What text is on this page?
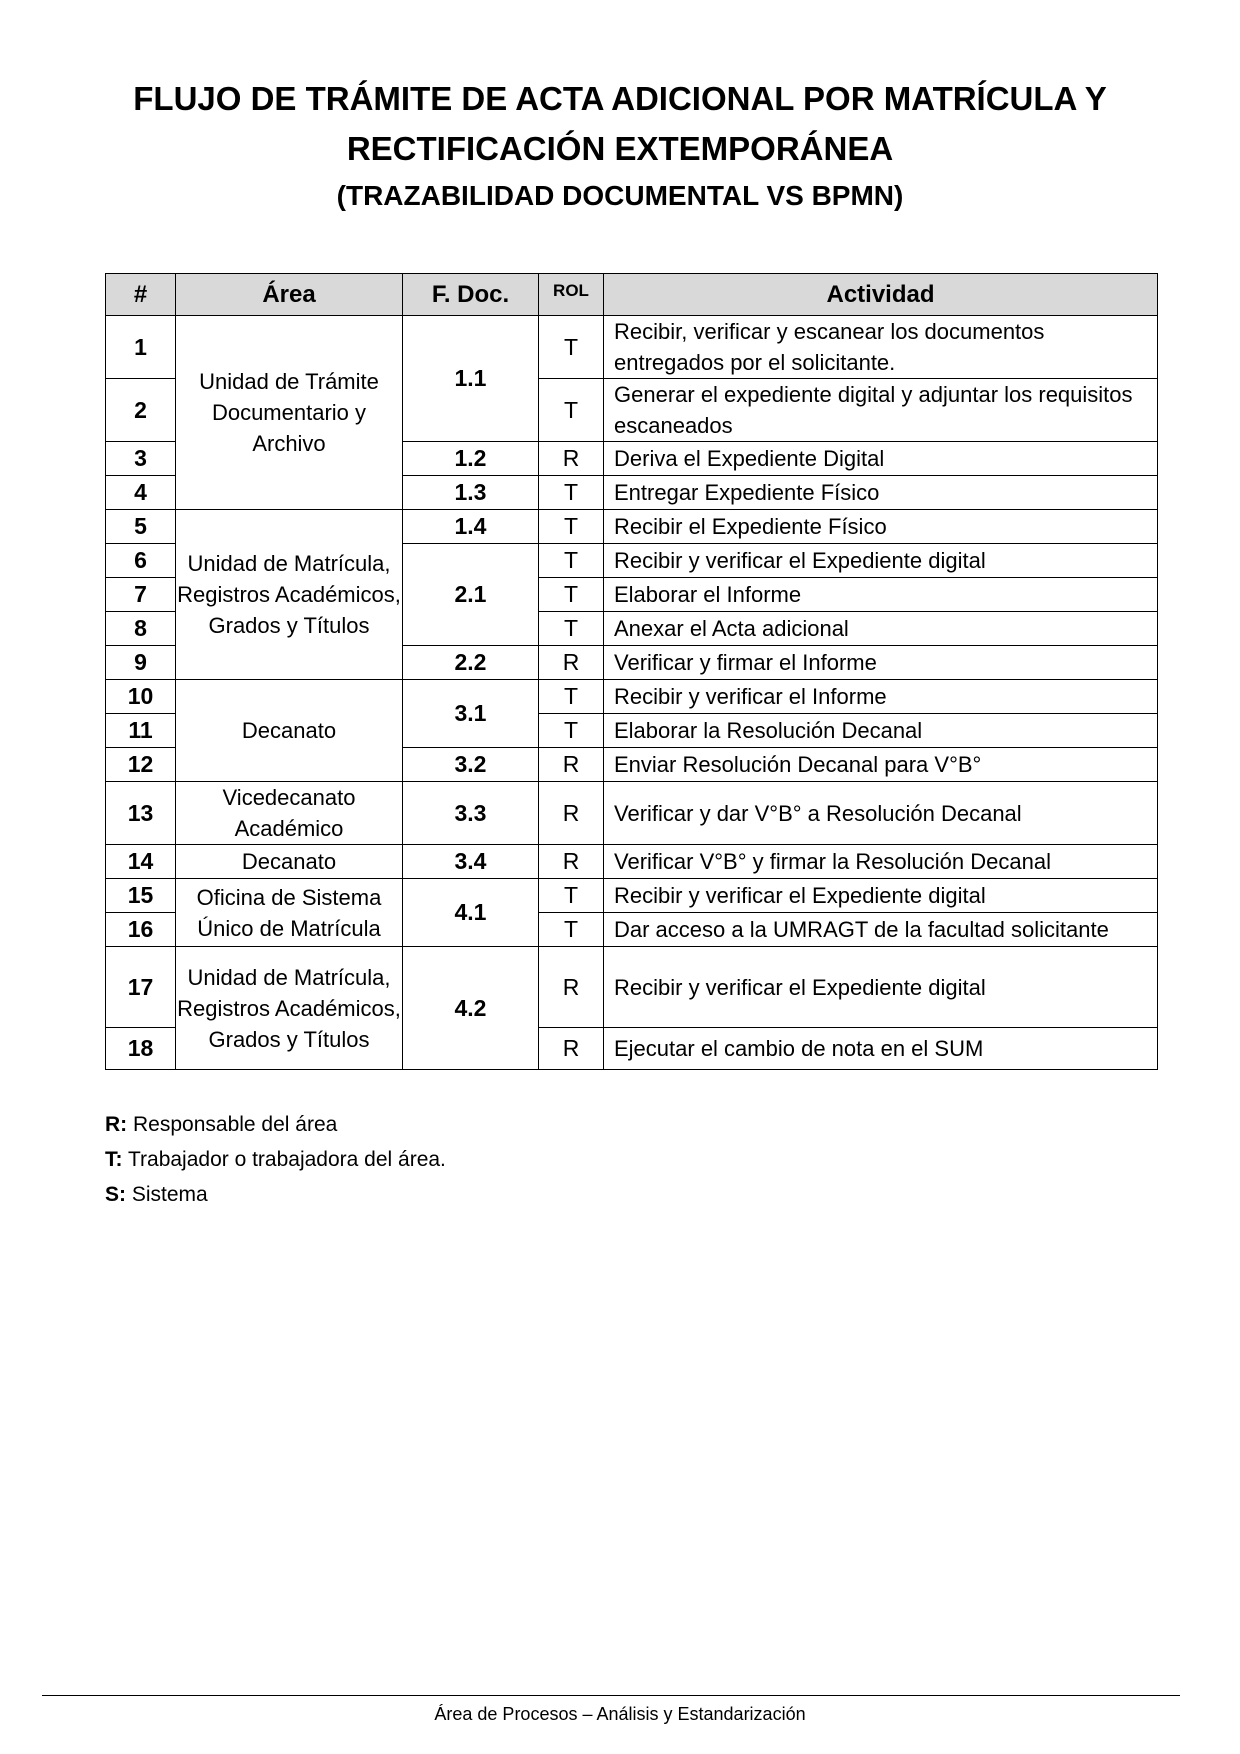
FLUJO DE TRÁMITE DE ACTA ADICIONAL POR MATRÍCULA Y
RECTIFICACIÓN EXTEMPORÁNEA
(TRAZABILIDAD DOCUMENTAL VS BPMN)
#	Área	F. Doc.	ROL	Actividad
1	Unidad de Trámite Documentario y Archivo	1.1	T	Recibir, verificar y escanear los documentos entregados por el solicitante.
2			T	Generar el expediente digital y adjuntar los requisitos escaneados
3		1.2	R	Deriva el Expediente Digital
4		1.3	T	Entregar Expediente Físico
5	Unidad de Matrícula, Registros Académicos, Grados y Títulos	1.4	T	Recibir el Expediente Físico
6		2.1	T	Recibir y verificar el Expediente digital
7			T	Elaborar el Informe
8			T	Anexar el Acta adicional
9		2.2	R	Verificar y firmar el Informe
10	Decanato	3.1	T	Recibir y verificar el Informe
11			T	Elaborar la Resolución Decanal
12		3.2	R	Enviar Resolución Decanal para V°B°
13	Vicedecanato Académico	3.3	R	Verificar y dar V°B° a Resolución Decanal
14	Decanato	3.4	R	Verificar V°B° y firmar la Resolución Decanal
15	Oficina de Sistema Único de Matrícula	4.1	T	Recibir y verificar el Expediente digital
16			T	Dar acceso a la UMRAGT de la facultad solicitante
17	Unidad de Matrícula, Registros Académicos, Grados y Títulos	4.2	R	Recibir y verificar el Expediente digital
18			R	Ejecutar el cambio de nota en el SUM
R: Responsable del área
T: Trabajador o trabajadora del área.
S: Sistema
Área de Procesos – Análisis y Estandarización
